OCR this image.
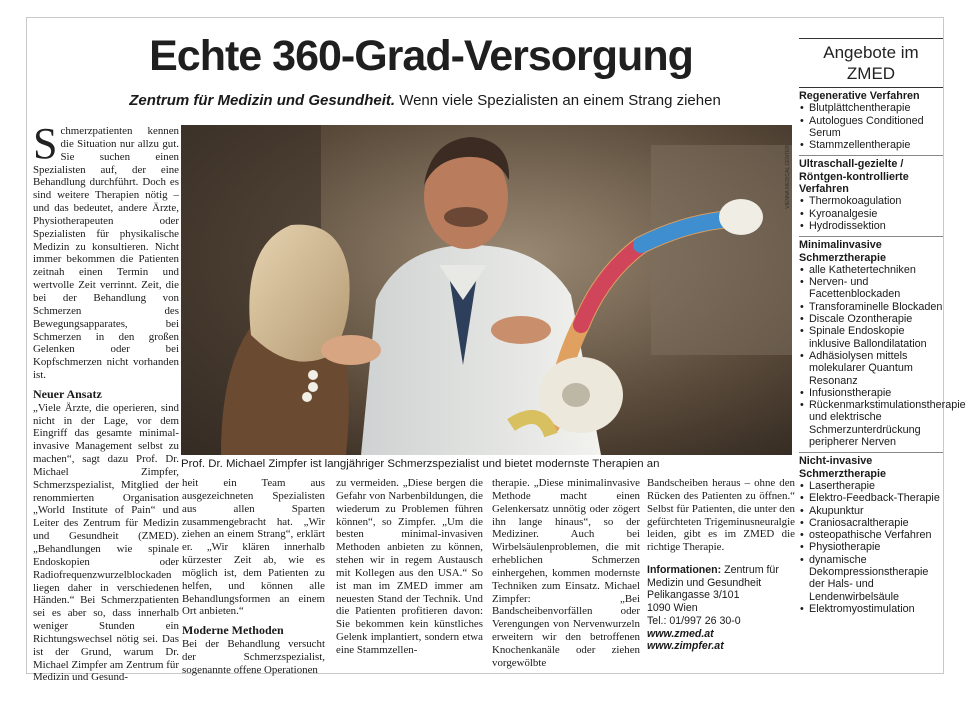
Echte 360-Grad-Versorgung
Zentrum für Medizin und Gesundheit. Wenn viele Spezialisten an einem Strang ziehen

Schmerzpatienten kennen die Situation nur allzu gut. Sie suchen einen Spezialisten auf, der eine Behandlung durchführt. Doch es sind weitere Therapien nötig – und das bedeutet, andere Ärzte, Physiotherapeuten oder Spezialisten für physikalische Medizin zu konsultieren. Nicht immer bekommen die Patienten zeitnah einen Termin und wertvolle Zeit verrinnt. Zeit, die bei der Behandlung von Schmerzen des Bewegungsapparates, bei Schmerzen in den großen Gelenken oder bei Kopfschmerzen nicht vorhanden ist.

Neuer Ansatz

„Viele Ärzte, die operieren, sind nicht in der Lage, vor dem Eingriff das gesamte minimal-invasive Management selbst zu machen“, sagt dazu Prof. Dr. Michael Zimpfer, Schmerzspezialist, Mitglied der renommierten Organisation „World Institute of Pain“ und Leiter des Zentrum für Medizin und Gesundheit (ZMED). „Behandlungen wie spinale Endoskopien oder Radiofrequenzwurzelblockaden liegen daher in verschiedenen Händen.“ Bei Schmerzpatienten sei es aber so, dass innerhalb weniger Stunden ein Richtungswechsel nötig sei. Das ist der Grund, warum Dr. Michael Zimpfer am Zentrum für Medizin und Gesund-

VIENNA MEDICAL CENTER
Prof. Dr. Michael Zimpfer ist langjähriger Schmerzspezialist und bietet modernste Therapien an

heit ein Team aus ausgezeichneten Spezialisten aus allen Sparten zusammengebracht hat. „Wir ziehen an einem Strang“, erklärt er. „Wir klären innerhalb kürzester Zeit ab, wie es möglich ist, dem Patienten zu helfen, und können alle Behandlungsformen an einem Ort anbieten.“

Moderne Methoden

Bei der Behandlung versucht der Schmerzspezialist, sogenannte offene Operationen

zu vermeiden. „Diese bergen die Gefahr von Narbenbildungen, die wiederum zu Problemen führen können“, so Zimpfer. „Um die besten minimal-invasiven Methoden anbieten zu können, stehen wir in regem Austausch mit Kollegen aus den USA.“ So ist man im ZMED immer am neuesten Stand der Technik. Und die Patienten profitieren davon: Sie bekommen kein künstliches Gelenk implantiert, sondern etwa eine Stammzellen-

therapie. „Diese minimalinvasive Methode macht einen Gelenkersatz unnötig oder zögert ihn lange hinaus“, so der Mediziner. Auch bei Wirbelsäulenproblemen, die mit erheblichen Schmerzen einhergehen, kommen modernste Techniken zum Einsatz. Michael Zimpfer: „Bei Bandscheibenvorfällen oder Verengungen von Nervenwurzeln erweitern wir den betroffenen Knochenkanäle oder ziehen vorgewölbte

Bandscheiben heraus – ohne den Rücken des Patienten zu öffnen.“ Selbst für Patienten, die unter den gefürchteten Trigeminusneuralgie leiden, gibt es im ZMED die richtige Therapie.

Informationen: Zentrum für Medizin und Gesundheit
Pelikangasse 3/101
1090 Wien
Tel.: 01/997 26 30-0
www.zmed.at
www.zimpfer.at
Angebote im ZMED
Regenerative Verfahren
• Blutplättchentherapie
• Autologues Conditioned Serum
• Stammzellentherapie
Ultraschall-gezielte / Röntgen-kontrollierte Verfahren
• Thermokoagulation
• Kyroanalgesie
• Hydrodissektion
Minimalinvasive Schmerztherapie
• alle Kathetertechniken
• Nerven- und Facettenblockaden
• Transforaminelle Blockaden
• Discale Ozontherapie
• Spinale Endoskopie inklusive Ballondilatation
• Adhäsiolysen mittels molekularer Quantum Resonanz
• Infusionstherapie
• Rückenmarkstimulationstherapie und elektrische Schmerzunterdrückung peripherer Nerven
Nicht-invasive Schmerztherapie
• Lasertherapie
• Elektro-Feedback-Therapie
• Akupunktur
• Craniosacraltherapie
• osteopathische Verfahren
• Physiotherapie
• dynamische Dekompressionstherapie der Hals- und Lendenwirbelsäule
• Elektromyostimulation
